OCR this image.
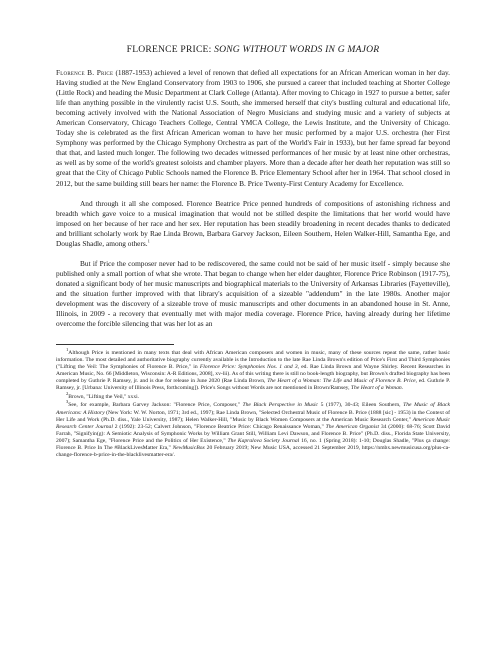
FLORENCE PRICE: SONG WITHOUT WORDS IN G MAJOR

Florence B. Price (1887-1953) achieved a level of renown that defied all expectations for an African American woman in her day. Having studied at the New England Conservatory from 1903 to 1906, she pursued a career that included teaching at Shorter College (Little Rock) and heading the Music Department at Clark College (Atlanta). After moving to Chicago in 1927 to pursue a better, safer life than anything possible in the virulently racist U.S. South, she immersed herself that city's bustling cultural and educational life, becoming actively involved with the National Association of Negro Musicians and studying music and a variety of subjects at American Conservatory, Chicago Teachers College, Central YMCA College, the Lewis Institute, and the University of Chicago. Today she is celebrated as the first African American woman to have her music performed by a major U.S. orchestra (her First Symphony was performed by the Chicago Symphony Orchestra as part of the World's Fair in 1933), but her fame spread far beyond that that, and lasted much longer. The following two decades witnessed performances of her music by at least nine other orchestras, as well as by some of the world's greatest soloists and chamber players. More than a decade after her death her reputation was still so great that the City of Chicago Public Schools named the Florence B. Price Elementary School after her in 1964. That school closed in 2012, but the same building still bears her name: the Florence B. Price Twenty-First Century Academy for Excellence.

And through it all she composed. Florence Beatrice Price penned hundreds of compositions of astonishing richness and breadth which gave voice to a musical imagination that would not be stilled despite the limitations that her world would have imposed on her because of her race and her sex. Her reputation has been steadily broadening in recent decades thanks to dedicated and brilliant scholarly work by Rae Linda Brown, Barbara Garvey Jackson, Eileen Southern, Helen Walker-Hill, Samantha Ege, and Douglas Shadle, among others.$^1$

But if Price the composer never had to be rediscovered, the same could not be said of her music itself - simply because she published only a small portion of what she wrote. That began to change when her elder daughter, Florence Price Robinson (1917-75), donated a significant body of her music manuscripts and biographical materials to the University of Arkansas Libraries (Fayetteville), and the situation further improved with that library's acquisition of a sizeable "addendum" in the late 1980s. Another major development was the discovery of a sizeable trove of music manuscripts and other documents in an abandoned house in St. Anne, Illinois, in 2009 - a recovery that eventually met with major media coverage. Florence Price, having already during her lifetime overcome the forcible silencing that was her lot as an

$^1$Although Price is mentioned in many texts that deal with African American composers and women in music, many of these sources repeat the same, rather basic information. The most detailed and authoritative biography currently available is the Introduction to the late Rae Linda Brown's edition of Price's First and Third Symphonies ("Lifting the Veil: The Symphonies of Florence B. Price," in Florence Price: Symphonies Nos. 1 and 3, ed. Rae Linda Brown and Wayne Shirley. Recent Researches in American Music, No. 66 [Middleton, Wisconsin: A-R Editions, 2008], xv-lii). As of this writing there is still no book-length biography, but Brown's drafted biography has been completed by Guthrie P. Ramsey, jr. and is due for release in June 2020 (Rae Linda Brown, The Heart of a Woman: The Life and Music of Florence B. Price, ed. Guthrie P. Ramsey, jr. [Urbana: University of Illinois Press, forthcoming]). Price's Songs without Words are not mentioned in Brown/Ramsey, The Heart of a Woman.

$^2$Brown, "Lifting the Veil," xxxi.

$^3$See, for example, Barbara Garvey Jackson: "Florence Price, Composer," The Black Perspective in Music 5 (1977), 30-43; Eileen Southern, The Music of Black Americans: A History (New York: W. W. Norton, 1971; 3rd ed., 1997); Rae Linda Brown, "Selected Orchestral Music of Florence B. Price (1888 [sic] - 1953) in the Context of Her Life and Work (Ph.D. diss., Yale University, 1987); Helen Walker-Hill, "Music by Black Women Composers at the American Music Research Center," American Music Research Center Journal 2 (1992): 23-52; Calvert Johnson, "Florence Beatrice Price: Chicago Renaissance Woman," The American Organist 34 (2000): 68-76; Scott David Farrah, "Signifyin(g): A Semiotic Analysis of Symphonic Works by William Grant Still, William Levi Dawson, and Florence B. Price" (Ph.D. diss., Florida State University, 2007); Samantha Ege, "Florence Price and the Politics of Her Existence," The Kapralova Society Journal 16, no. 1 (Spring 2018): 1-10; Douglas Shadle, "Plus ça change: Florence B. Price In The #BlackLivesMatter Era," NewMusicBox 20 February 2019; New Music USA, accessed 21 September 2019, https://nmbx.newmusicusa.org/plus-ca-change-florence-b-price-in-the-blacklivesmatter-era/.
